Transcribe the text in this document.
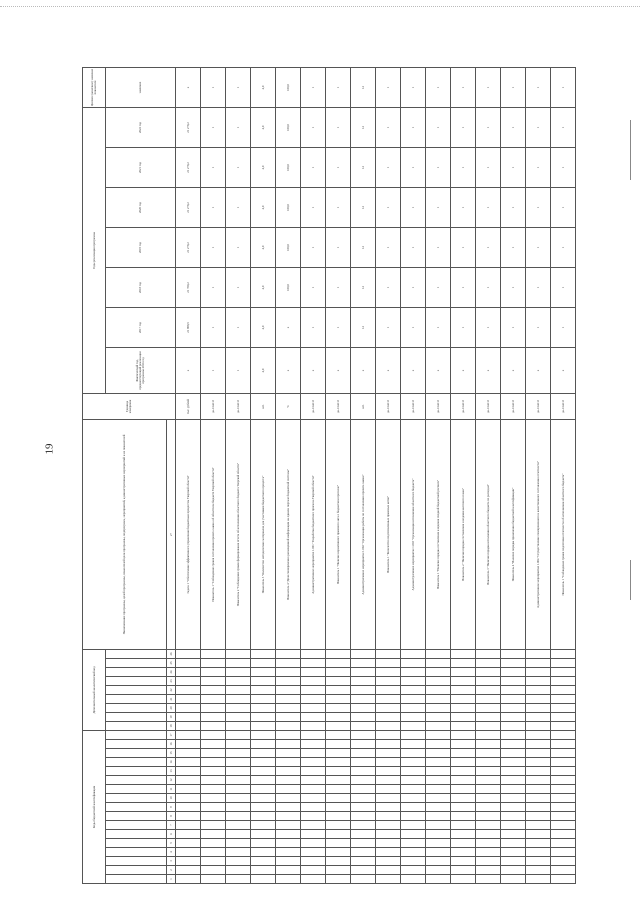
19
Коды бюджетной классификации																	Дополнительный аналитический код									Наименование программы, целей программы, показателей цели программы, подпрограмм, мероприятий, административных мероприятий и их показателей	Единица измерения	Годы реализации программы							Целевое (конечное) значение показателя
																												Фактический год, предшествующий реализации программы 2016 год	2017 год	2018 год	2019 год	2020 год	2021 год	2022 год	значение
1	2	3	4	5	6	7	8	9	10	11	12	13	14	15	16	17	18	19	20	21	22	23	24	25	26	27									
																										Задача 1 "Обеспечение эффективного управления бюджетным процессом Тверской области"	тыс. рублей	x	21 898,5	21 700,2	21 278,2	21 278,2	21 278,2	21 278,2	x
																										Показатель 1 "Соблюдение сроков составления проекта закона об областном бюджете Тверской области"	да-1/нет-0	1	1	1	1	1	1	1	1
																										Показатель 2 "Соблюдение сроков формирования отчета об исполнении областного бюджета Тверской области"	да-1/нет-0	1	1	1	1	1	1	1	1
																										Показатель 3 "Количество методических материалов для участников бюджетного процесса"	шт.	4,0	4,0	4,0	4,0	4,0	4,0	4,0	4,0
																										Показатель 4 "Доля своевременно размещенной информации на едином портале бюджетной системы"	%	x	x	100,0	100,0	100,0	100,0	100,0	100,0
																										Административное мероприятие 1.001 "Разработка бюджетного прогноза Тверской области"	да-1/нет-0	x	1	1	1	1	1	1	1
																										Показатель 1 "Наличие нормативного правового акта о бюджетном прогнозе"	да-1/нет-0	x	1	1	1	1	1	1	1
																										Административное мероприятие 1.002 "Организация работы по составлению проекта закона"	шт.	x	12	12	12	12	12	12	12
																										Показатель 1 "Количество подготовленных правовых актов"	да-1/нет-0	x	1	1	1	1	1	1	1
																										Административное мероприятие 1.003 "Организация исполнения областного бюджета"	да-1/нет-0	x	1	1	1	1	1	1	1
																										Показатель 1 "Наличие порядка составления и ведения сводной бюджетной росписи"	да-1/нет-0	x	1	1	1	1	1	1	1
																										Показатель 2 "Наличие порядка составления и ведения кассового плана"	да-1/нет-0	x	1	1	1	1	1	1	1
																										Показатель 3 "Наличие порядка исполнения областного бюджета по расходам"	да-1/нет-0	x	1	1	1	1	1	1	1
																										Показатель 4 "Наличие порядка применения бюджетной классификации"	да-1/нет-0	x	1	1	1	1	1	1	1
																										Административное мероприятие 1.004 "Осуществление своевременного и качественного составления отчетности"	да-1/нет-0	x	1	1	1	1	1	1	1
																										Показатель 1 "Соблюдение сроков подготовки отчетности об исполнении областного бюджета"	да-1/нет-0	x	1	1	1	1	1	1	1
